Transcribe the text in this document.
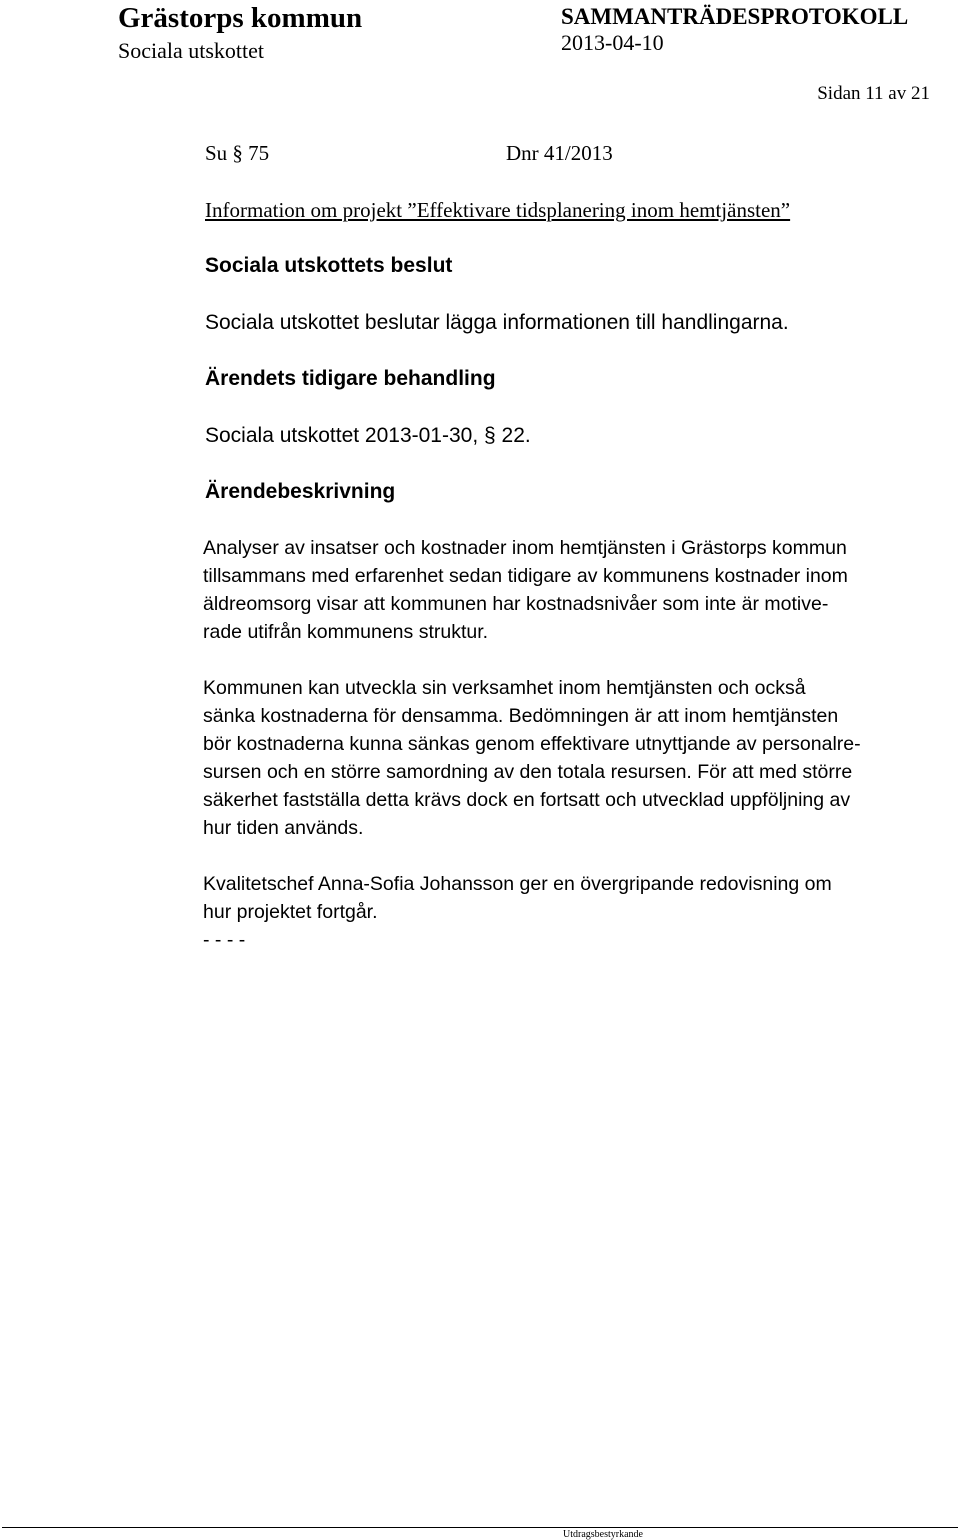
Grästorps kommun
Sociala utskottet
SAMMANTRÄDESPROTOKOLL
2013-04-10
Sidan 11 av 21
Su § 75	Dnr 41/2013
Information om projekt ”Effektivare tidsplanering inom hemtjänsten”
Sociala utskottets beslut
Sociala utskottet beslutar lägga informationen till handlingarna.
Ärendets tidigare behandling
Sociala utskottet 2013-01-30, § 22.
Ärendebeskrivning
Analyser av insatser och kostnader inom hemtjänsten i Grästorps kommun
tillsammans med erfarenhet sedan tidigare av kommunens kostnader inom
äldreomsorg visar att kommunen har kostnadsnivåer som inte är motive-
rade utifrån kommunens struktur.
Kommunen kan utveckla sin verksamhet inom hemtjänsten och också
sänka kostnaderna för densamma. Bedömningen är att inom hemtjänsten
bör kostnaderna kunna sänkas genom effektivare utnyttjande av personalre-
sursen och en större samordning av den totala resursen. För att med större
säkerhet fastställa detta krävs dock en fortsatt och utvecklad uppföljning av
hur tiden används.
Kvalitetschef Anna-Sofia Johansson ger en övergripande redovisning om
hur projektet fortgår.
- - - -
Utdragsbestyrkande
